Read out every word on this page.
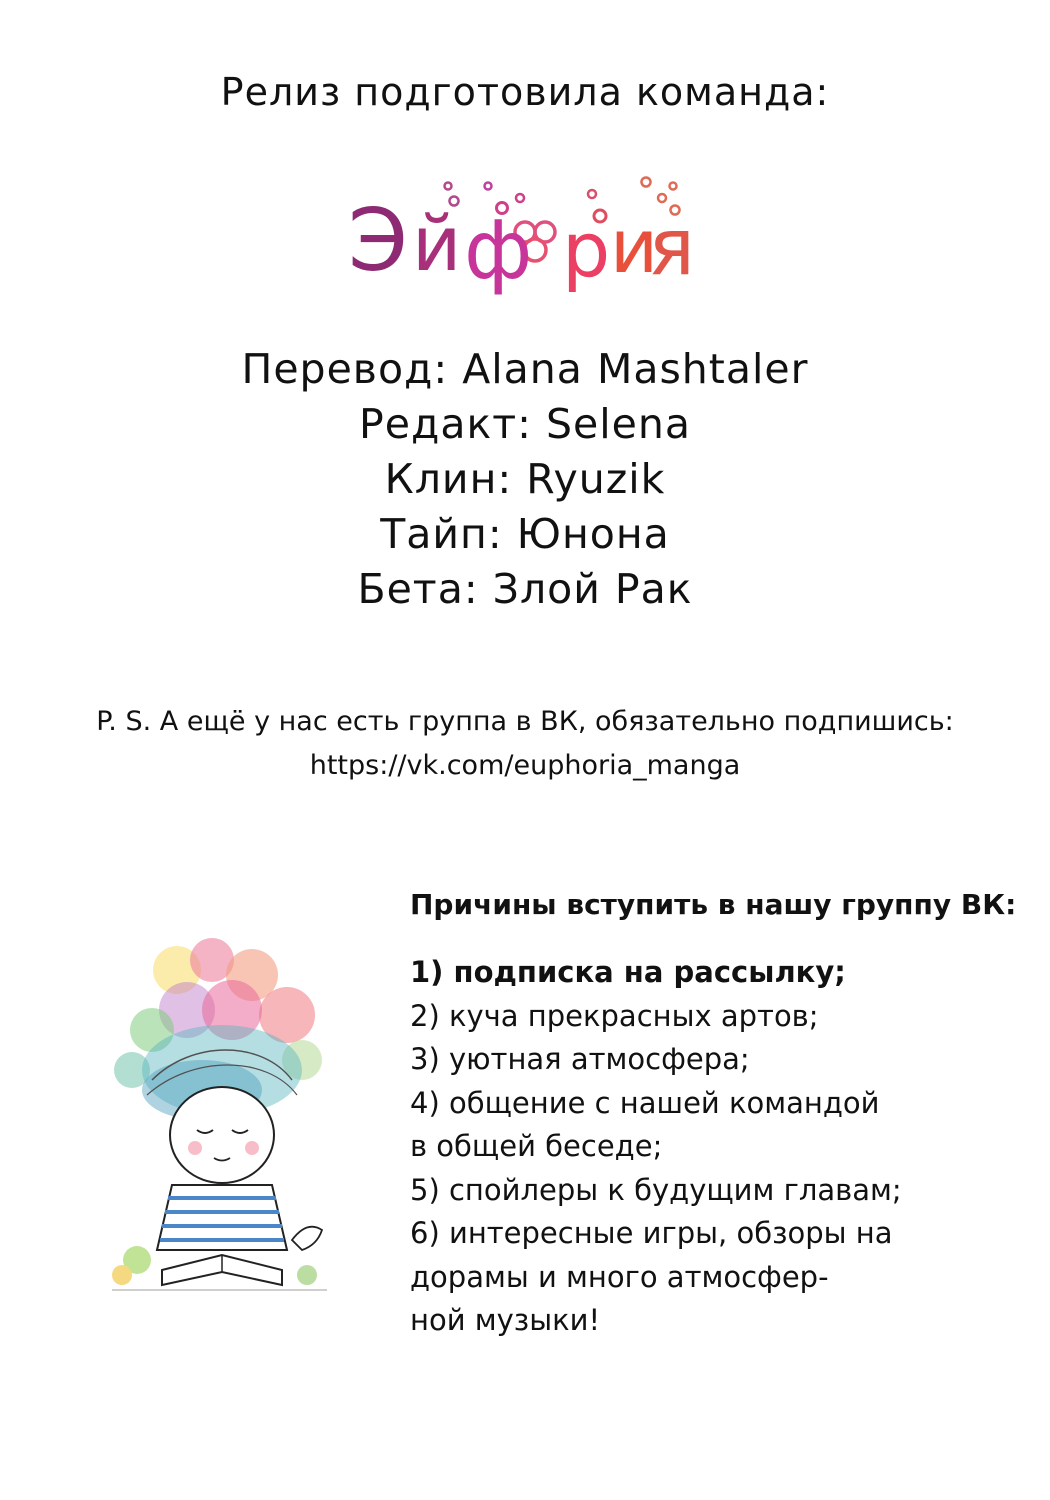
Релиз подготовила команда:
Э й ф р и
я
Перевод: Alana Mashtaler
Редакт: Selena
Клин: Ryuzik
Тайп: Юнона
Бета: Злой Рак
P. S. А ещё у нас есть группа в ВК, обязательно подпишись:
https://vk.com/euphoria_manga
Причины вступить в нашу группу ВК:
1) подписка на рассылку;
2) куча прекрасных артов;
3) уютная атмосфера;
4) общение с нашей командой
в общей беседе;
5) спойлеры к будущим главам;
6) интересные игры, обзоры на
дорамы и много атмосфер-
ной музыки!
